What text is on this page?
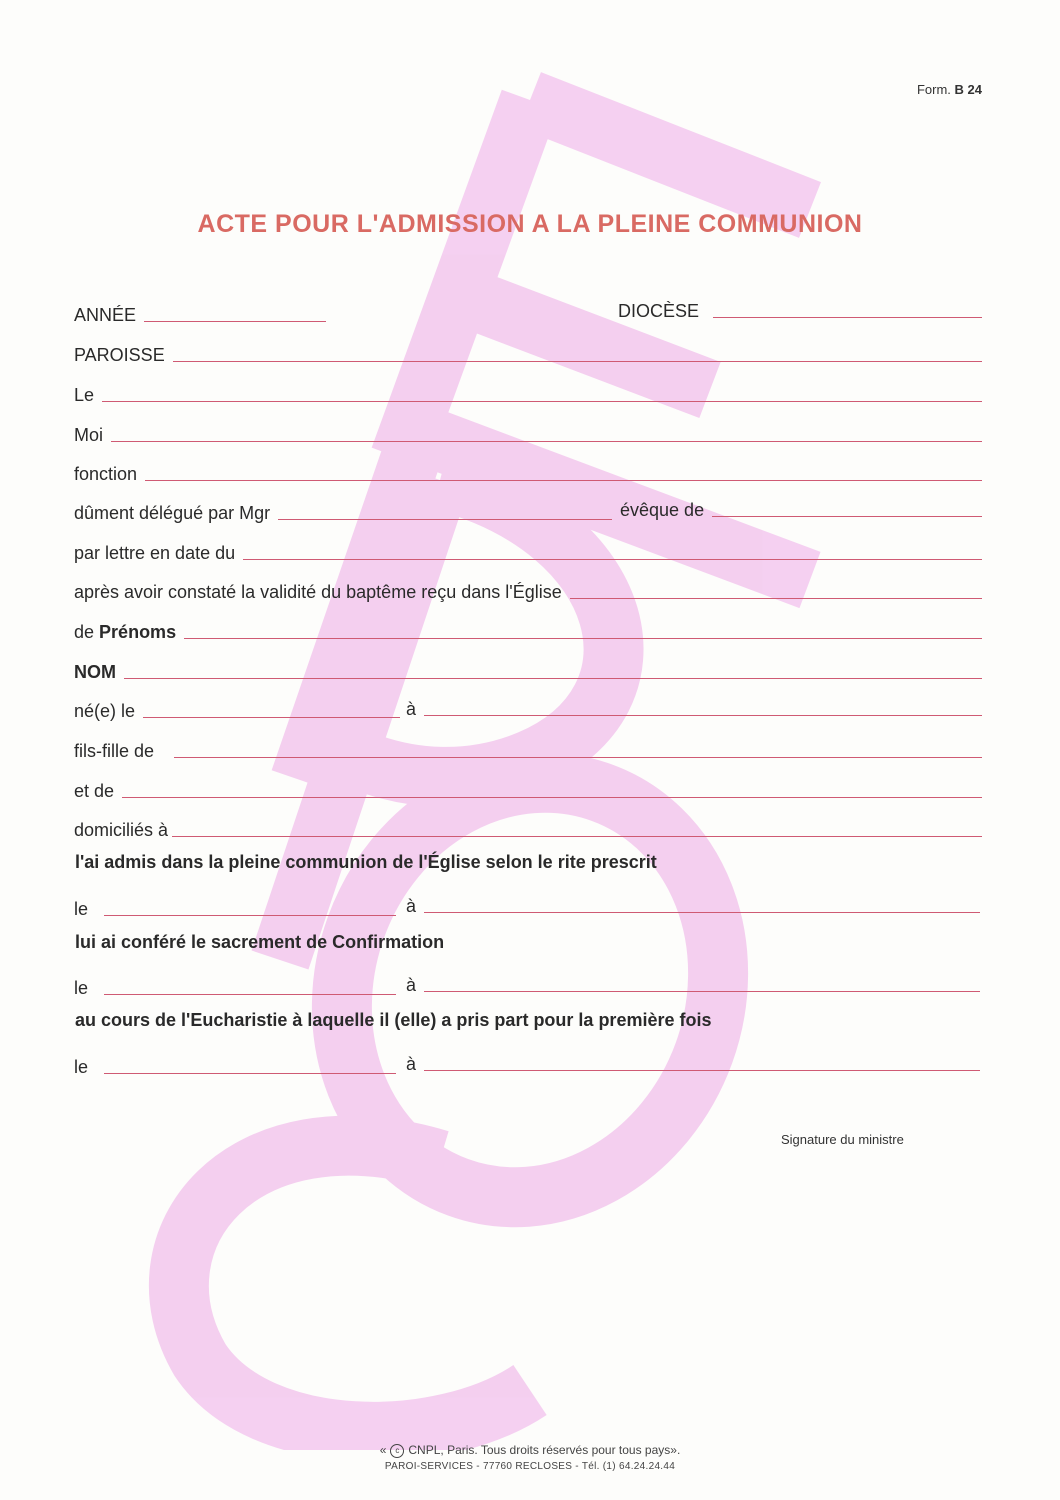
Form. B 24
ACTE POUR L'ADMISSION A LA PLEINE COMMUNION
ANNÉE	DIOCÈSE
PAROISSE
Le
Moi
fonction
dûment délégué par Mgr	évêque de
par lettre en date du
après avoir constaté la validité du baptême reçu dans l'Église
de Prénoms
NOM
né(e) le	à
fils-fille de
et de
domiciliés à
l'ai admis dans la pleine communion de l'Église selon le rite prescrit
le	à
lui ai conféré le sacrement de Confirmation
le	à
au cours de l'Eucharistie à laquelle il (elle) a pris part pour la première fois
le	à
Signature du ministre
« c CNPL, Paris. Tous droits réservés pour tous pays».
PAROI-SERVICES - 77760 RECLOSES - Tél. (1) 64.24.24.44
